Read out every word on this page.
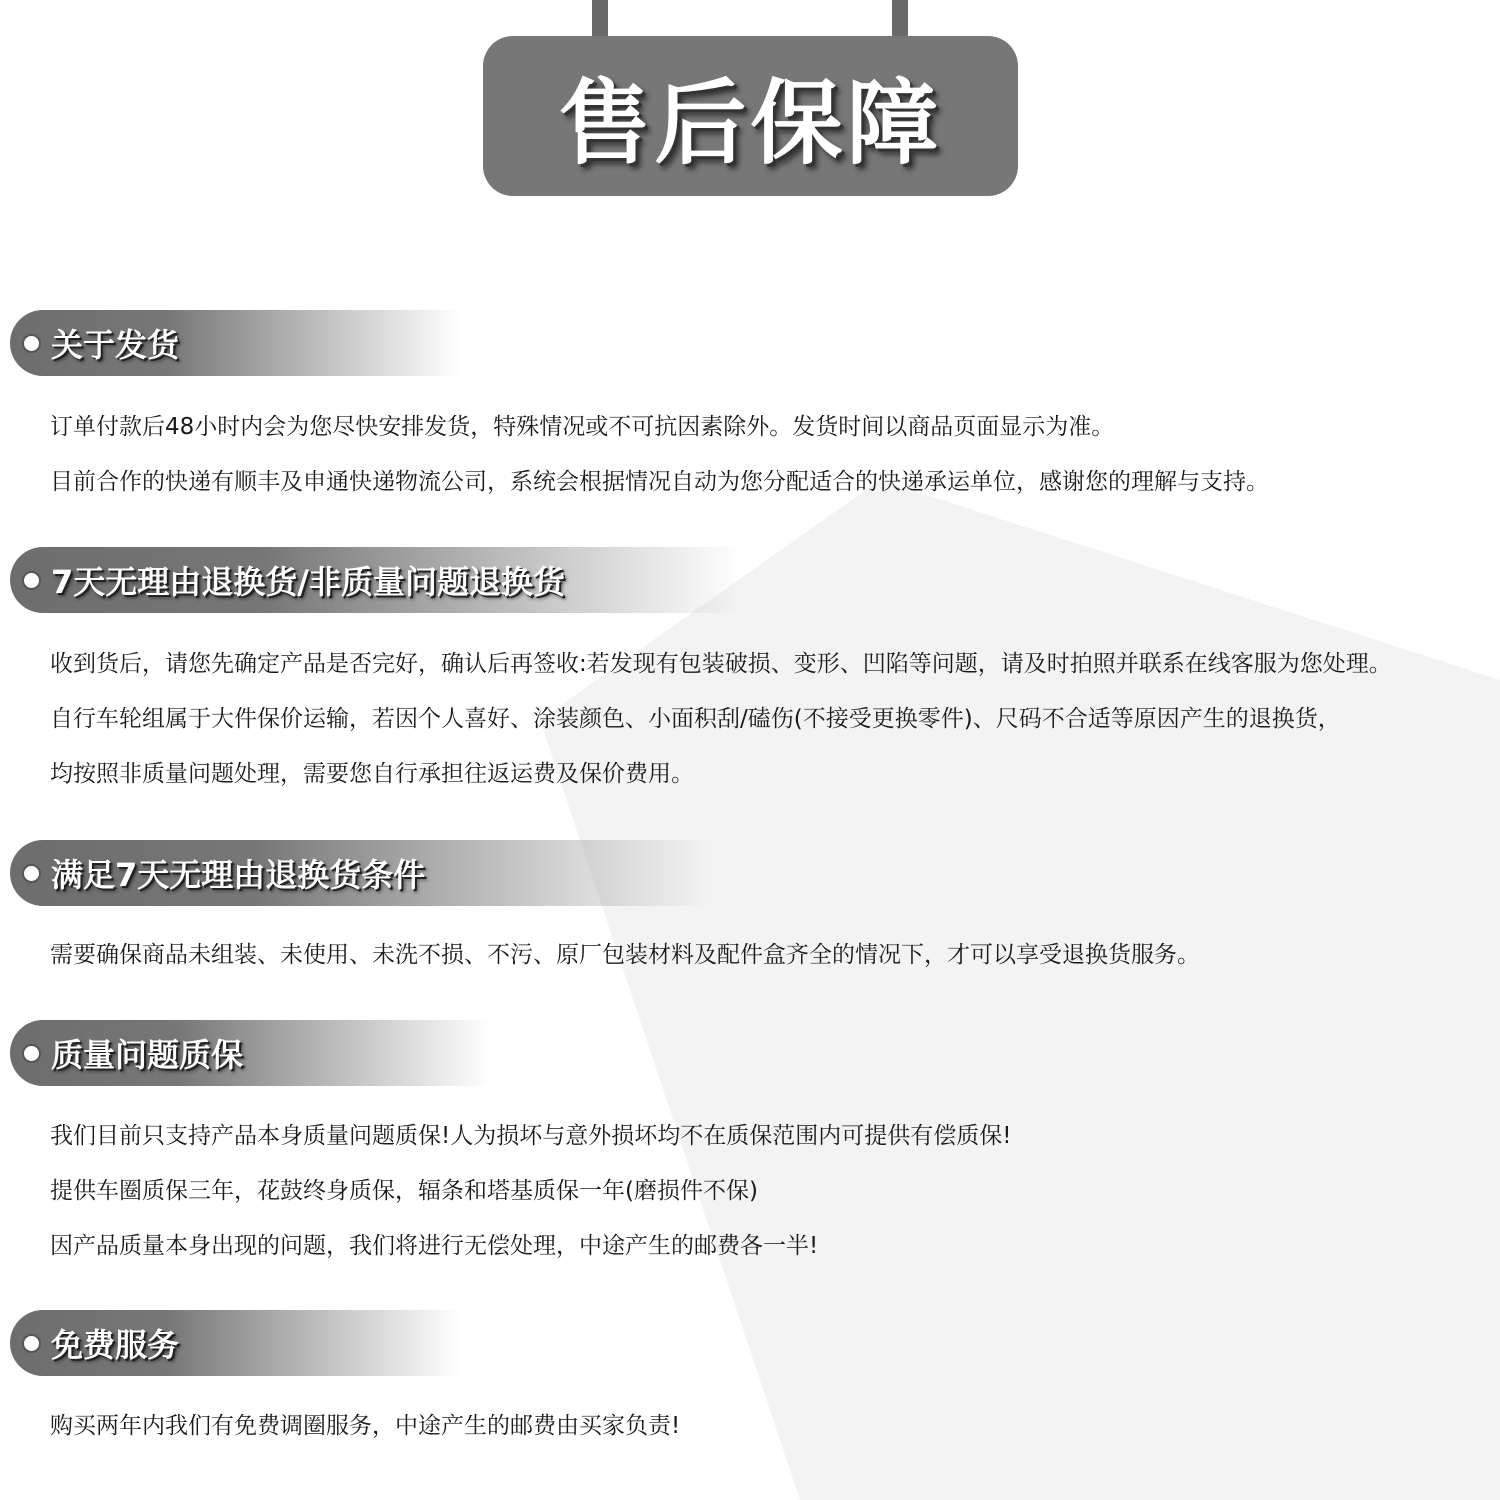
售后保障
关于发货

订单付款后48小时内会为您尽快安排发货，特殊情况或不可抗因素除外。发货时间以商品页面显示为准。

目前合作的快递有顺丰及申通快递物流公司，系统会根据情况自动为您分配适合的快递承运单位，感谢您的理解与支持。

7天无理由退换货/非质量问题退换货

收到货后，请您先确定产品是否完好，确认后再签收:若发现有包装破损、变形、凹陷等问题，请及时拍照并联系在线客服为您处理。

自行车轮组属于大件保价运输，若因个人喜好、涂装颜色、小面积刮/磕伤(不接受更换零件)、尺码不合适等原因产生的退换货，

均按照非质量问题处理，需要您自行承担往返运费及保价费用。

满足7天无理由退换货条件

需要确保商品未组装、未使用、未洗不损、不污、原厂包装材料及配件盒齐全的情况下，才可以享受退换货服务。

质量问题质保

我们目前只支持产品本身质量问题质保!人为损坏与意外损坏均不在质保范围内可提供有偿质保!

提供车圈质保三年，花鼓终身质保，辐条和塔基质保一年(磨损件不保)

因产品质量本身出现的问题，我们将进行无偿处理，中途产生的邮费各一半!

免费服务

购买两年内我们有免费调圈服务，中途产生的邮费由买家负责!
